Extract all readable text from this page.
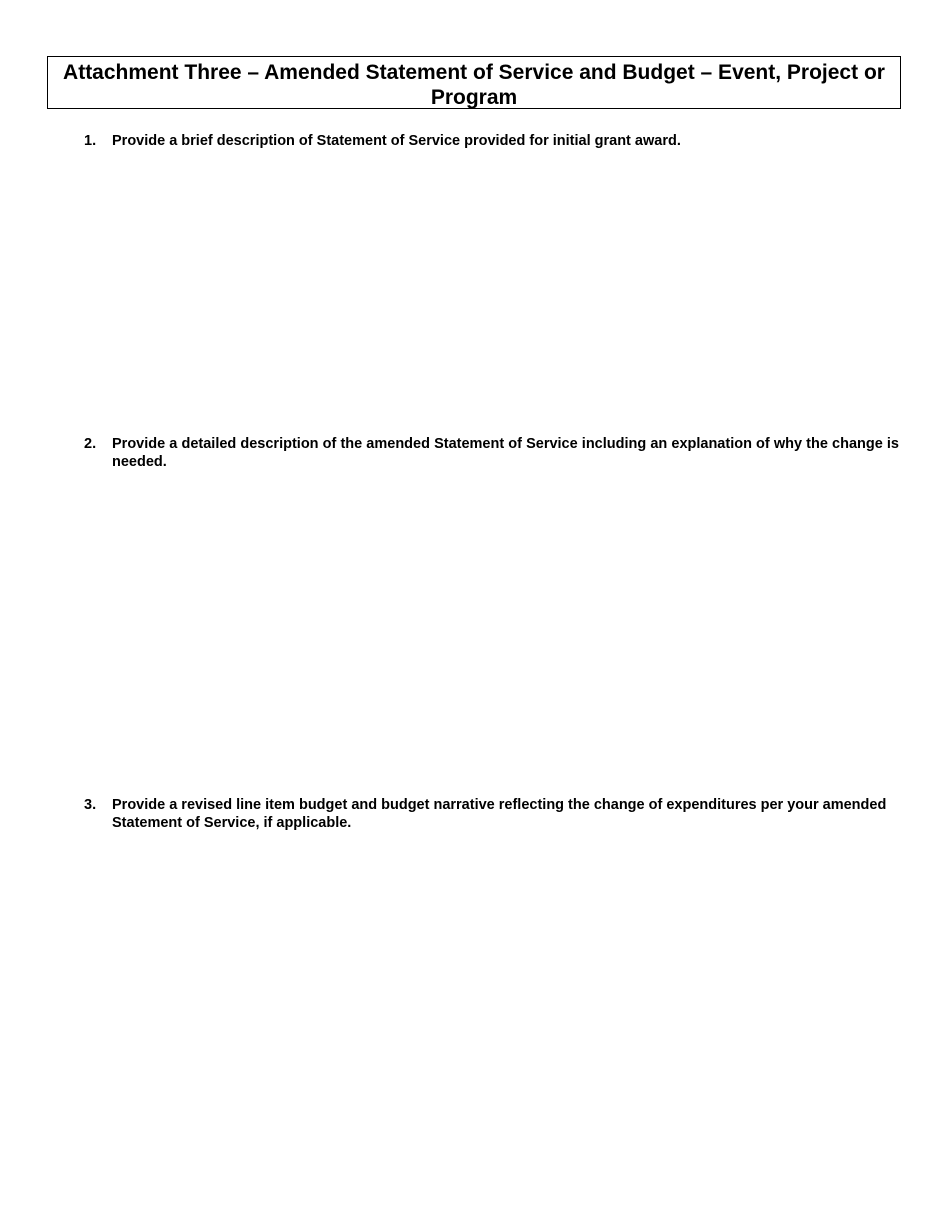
Attachment Three – Amended Statement of Service and Budget – Event, Project or Program
1.	Provide a brief description of Statement of Service provided for initial grant award.
2.	Provide a detailed description of the amended Statement of Service including an explanation of why the change is needed.
3.	Provide a revised line item budget and budget narrative reflecting the change of expenditures per your amended Statement of Service, if applicable.
